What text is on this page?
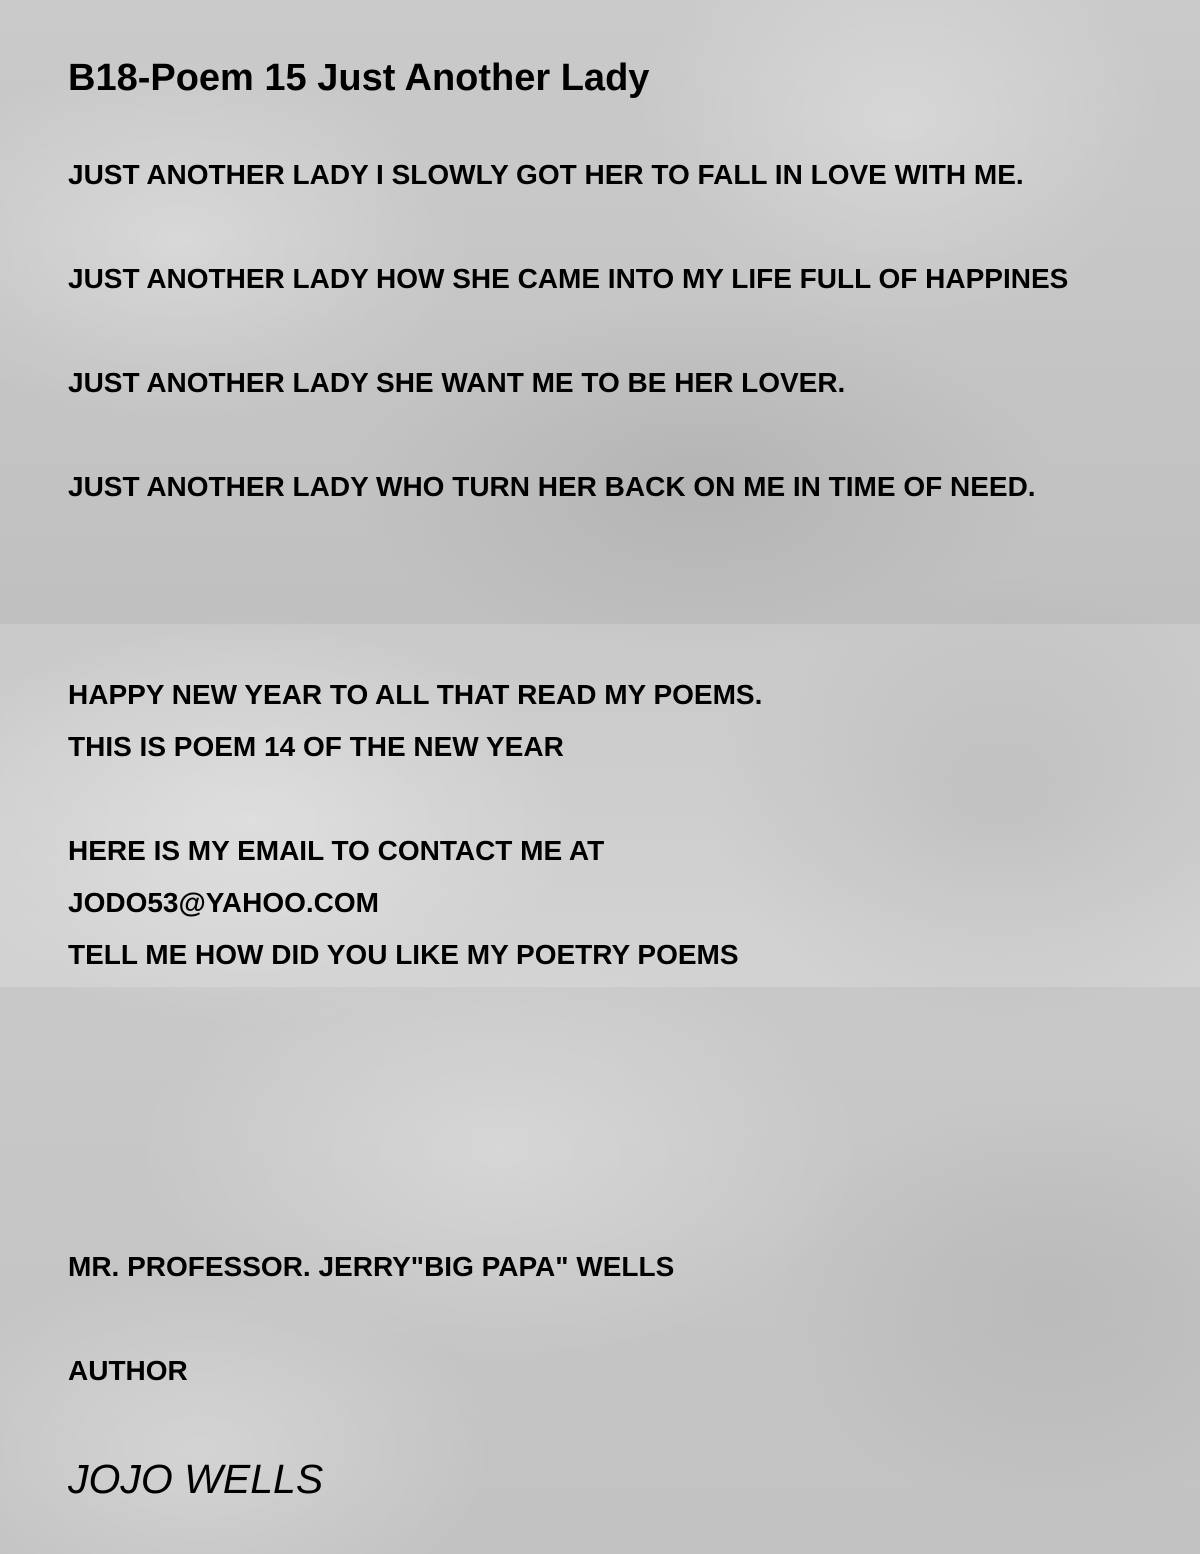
B18-Poem 15 Just Another Lady

JUST ANOTHER LADY I SLOWLY GOT HER TO FALL IN LOVE WITH ME.

JUST ANOTHER LADY HOW SHE CAME INTO MY LIFE FULL OF HAPPINES

JUST ANOTHER LADY SHE WANT ME TO BE HER LOVER.

JUST ANOTHER LADY WHO TURN HER BACK ON ME IN TIME OF NEED.

HAPPY NEW YEAR TO ALL THAT READ MY POEMS.

THIS IS POEM 14 OF THE NEW YEAR

HERE IS MY EMAIL TO CONTACT ME AT

JODO53@YAHOO.COM

TELL ME HOW DID YOU LIKE MY POETRY POEMS

MR. PROFESSOR. JERRY"BIG PAPA" WELLS

AUTHOR

JOJO WELLS
